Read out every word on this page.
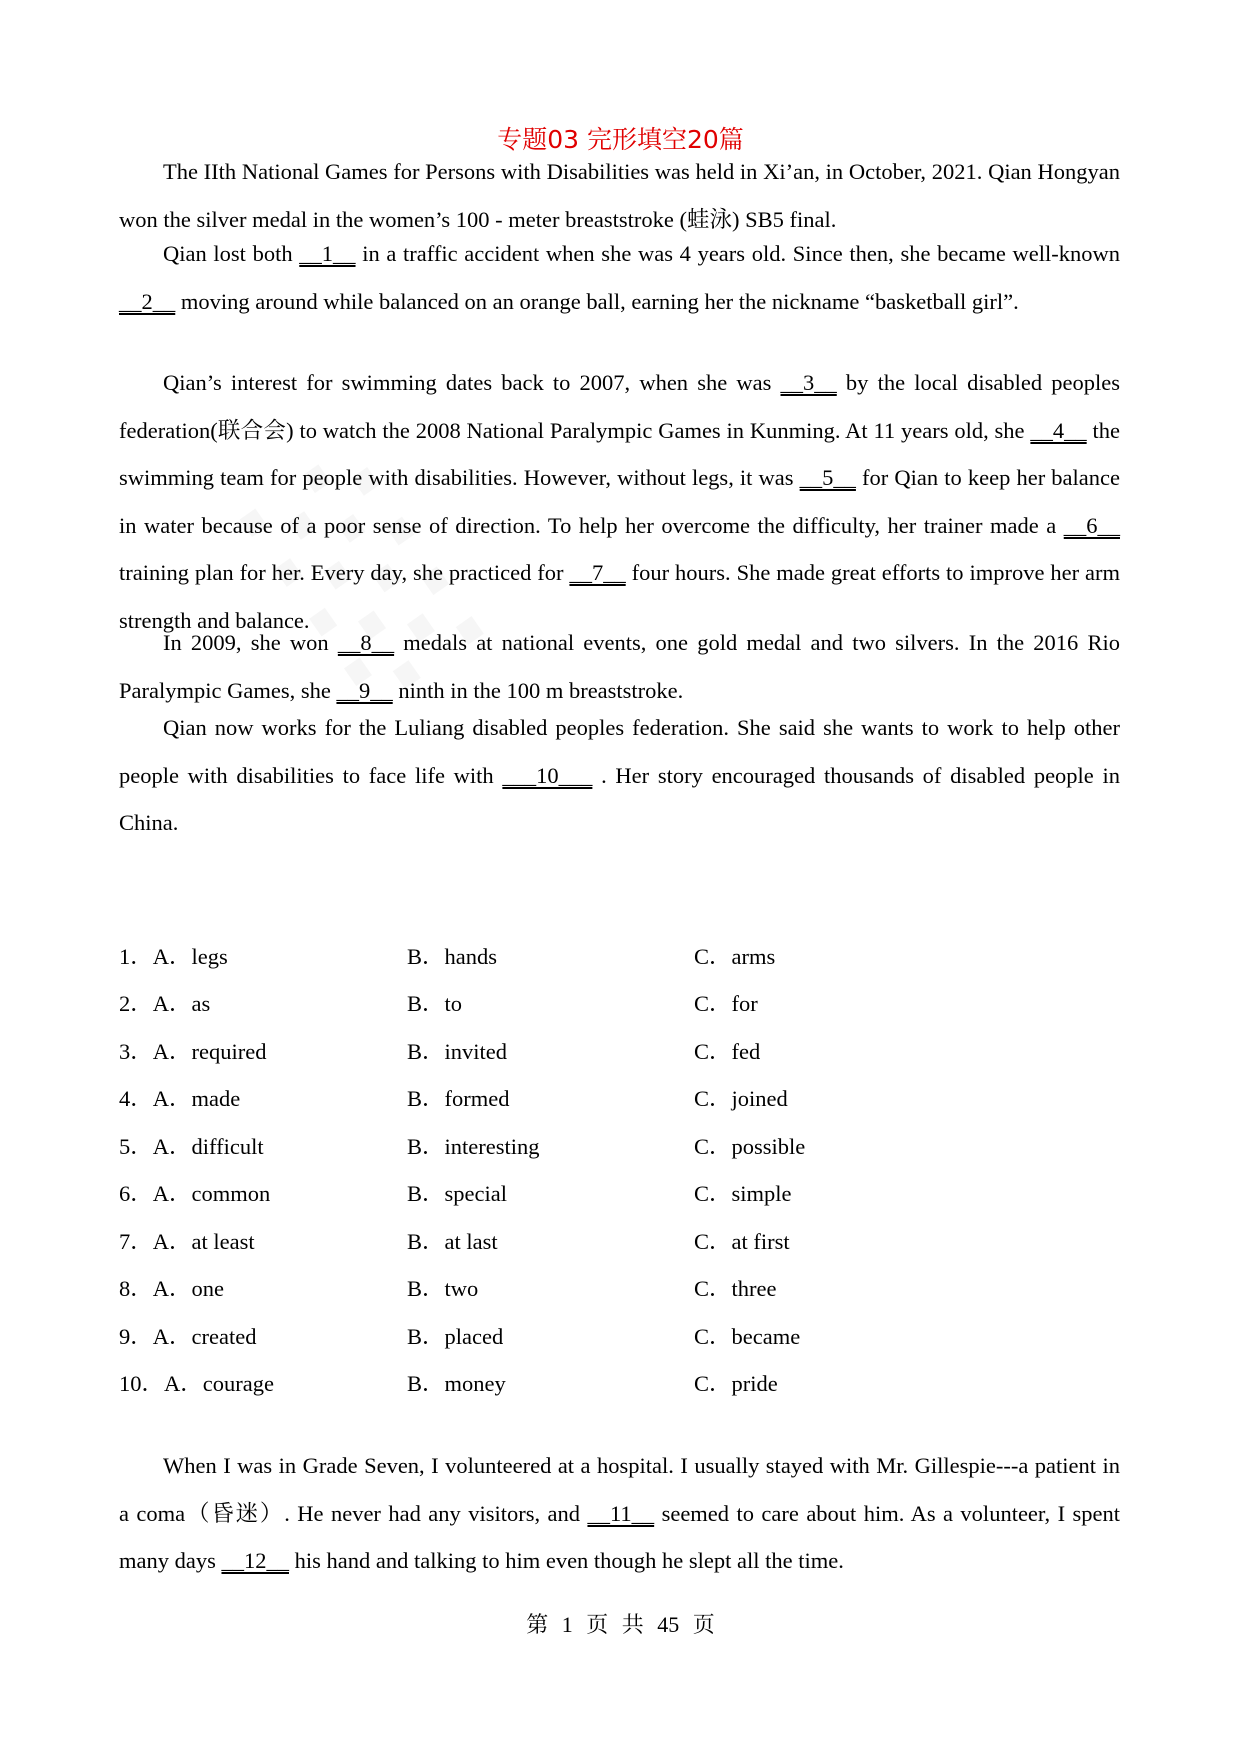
专题03 完形填空20篇

The IIth National Games for Persons with Disabilities was held in Xi’an, in October, 2021. Qian Hongyan won the silver medal in the women’s 100 - meter breaststroke (蛙泳) SB5 final.

Qian lost both __1__ in a traffic accident when she was 4 years old. Since then, she became well-known __2__ moving around while balanced on an orange ball, earning her the nickname “basketball girl”.

Qian’s interest for swimming dates back to 2007, when she was __3__ by the local disabled peoples federation(联合会) to watch the 2008 National Paralympic Games in Kunming. At 11 years old, she __4__ the swimming team for people with disabilities. However, without legs, it was __5__ for Qian to keep her balance in water because of a poor sense of direction. To help her overcome the difficulty, her trainer made a __6__ training plan for her. Every day, she practiced for __7__ four hours. She made great efforts to improve her arm strength and balance.

In 2009, she won __8__ medals at national events, one gold medal and two silvers. In the 2016 Rio Paralympic Games, she __9__ ninth in the 100 m breaststroke.

Qian now works for the Luliang disabled peoples federation. She said she wants to work to help other people with disabilities to face life with ___10___ . Her story encouraged thousands of disabled people in China.

1．A．legs	B．hands	C．arms
2．A．as	B．to	C．for
3．A．required	B．invited	C．fed
4．A．made	B．formed	C．joined
5．A．difficult	B．interesting	C．possible
6．A．common	B．special	C．simple
7．A．at least	B．at last	C．at first
8．A．one	B．two	C．three
9．A．created	B．placed	C．became
10．A．courage	B．money	C．pride

When I was in Grade Seven, I volunteered at a hospital. I usually stayed with Mr. Gillespie---a patient in a coma（昏迷）. He never had any visitors, and __11__ seemed to care about him. As a volunteer, I spent many days __12__ his hand and talking to him even though he slept all the time.

第 1 页 共 45 页
